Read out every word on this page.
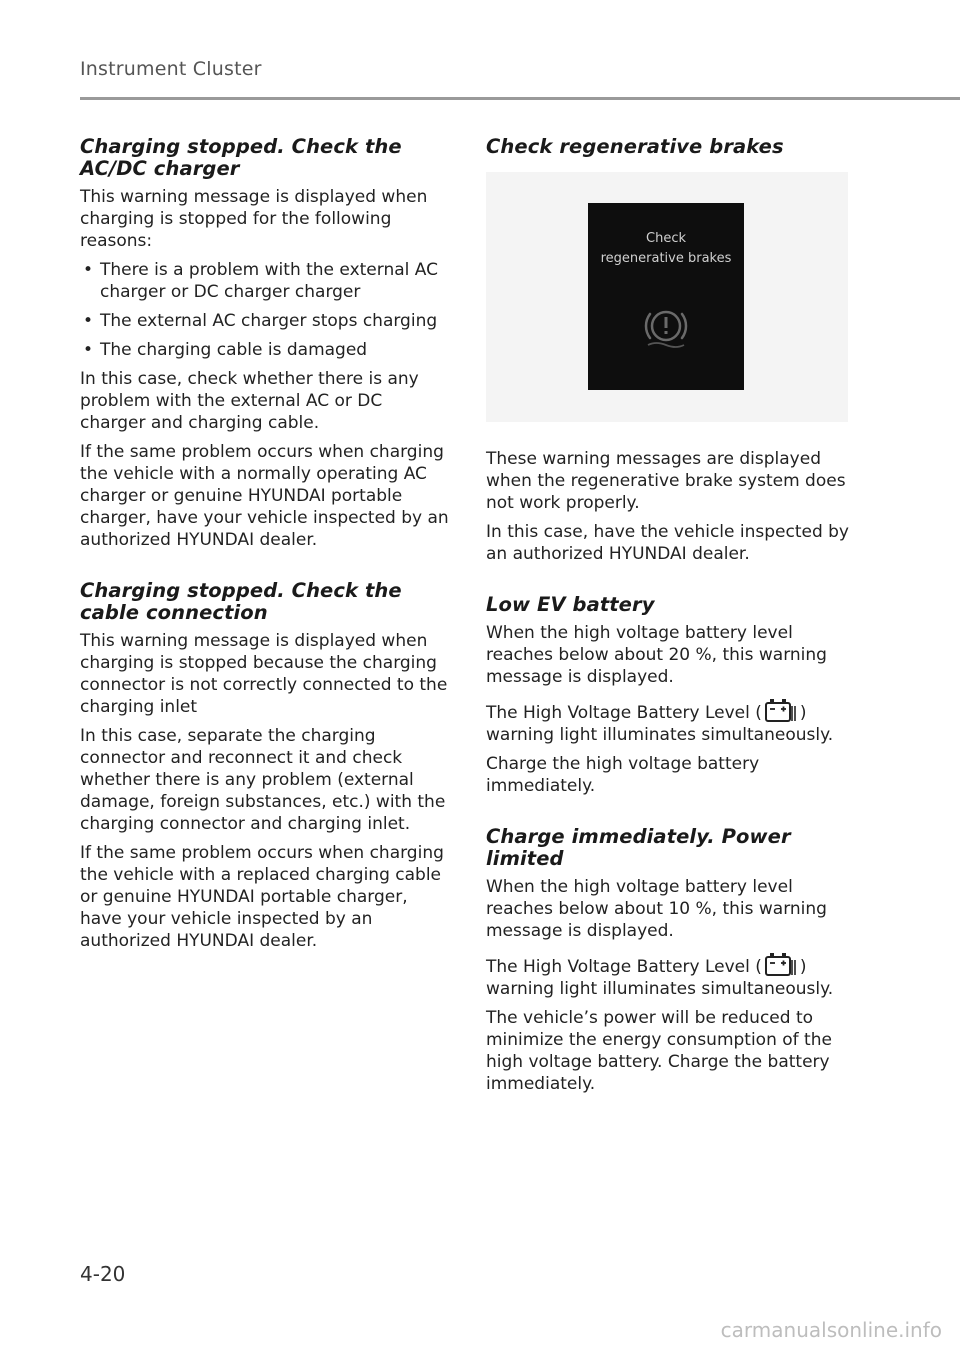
Instrument Cluster
Charging stopped. Check the AC/DC charger

This warning message is displayed when charging is stopped for the following reasons:

• There is a problem with the external AC charger or DC charger charger
• The external AC charger stops charging
• The charging cable is damaged

In this case, check whether there is any problem with the external AC or DC charger and charging cable.

If the same problem occurs when charging the vehicle with a normally operating AC charger or genuine HYUNDAI portable charger, have your vehicle inspected by an authorized HYUNDAI dealer.

Charging stopped. Check the cable connection

This warning message is displayed when charging is stopped because the charging connector is not correctly connected to the charging inlet

In this case, separate the charging connector and reconnect it and check whether there is any problem (external damage, foreign substances, etc.) with the charging connector and charging inlet.

If the same problem occurs when charging the vehicle with a replaced charging cable or genuine HYUNDAI portable charger, have your vehicle inspected by an authorized HYUNDAI dealer.

Check regenerative brakes
Check
regenerative brakes

These warning messages are displayed when the regenerative brake system does not work properly.

In this case, have the vehicle inspected by an authorized HYUNDAI dealer.

Low EV battery

When the high voltage battery level reaches below about 20 %, this warning message is displayed.

The High Voltage Battery Level ( )
warning light illuminates simultaneously.

Charge the high voltage battery immediately.

Charge immediately. Power limited

When the high voltage battery level reaches below about 10 %, this warning message is displayed.

The High Voltage Battery Level ( )
warning light illuminates simultaneously.

The vehicle’s power will be reduced to minimize the energy consumption of the high voltage battery. Charge the battery immediately.

4-20
carmanualsonline.info
